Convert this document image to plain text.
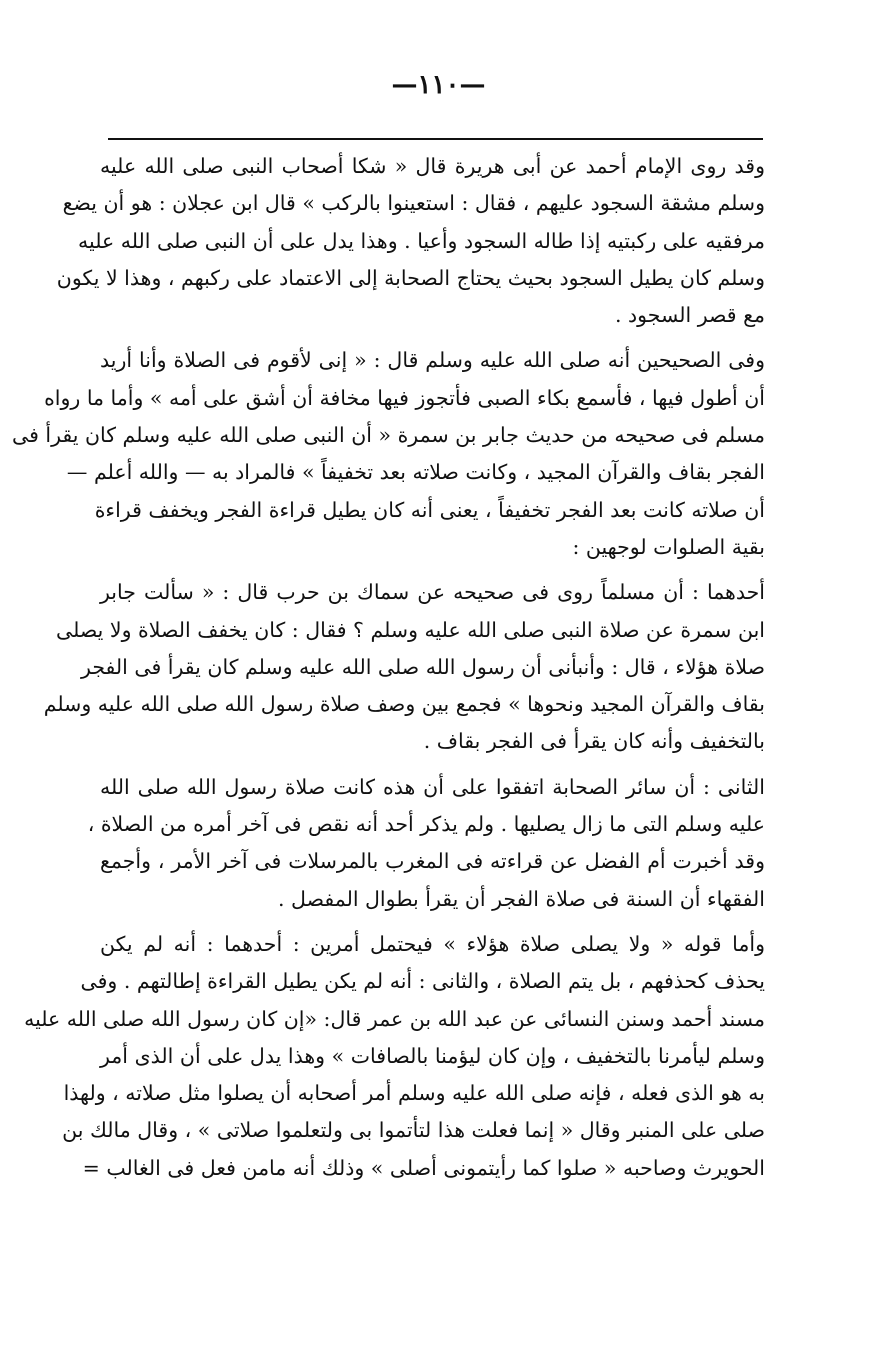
—١١٠—
وقد روى الإمام أحمد عن أبى هريرة قال « شكا أصحاب النبى صلى الله عليه
وسلم مشقة السجود عليهم ، فقال : استعينوا بالركب » قال ابن عجلان : هو أن يضع
مرفقيه على ركبتيه إذا طاله السجود وأعيا . وهذا يدل على أن النبى صلى الله عليه
وسلم كان يطيل السجود بحيث يحتاج الصحابة إلى الاعتماد على ركبهم ، وهذا لا يكون
مع قصر السجود .
وفى الصحيحين أنه صلى الله عليه وسلم قال : « إنى لأقوم فى الصلاة وأنا أريد
أن أطول فيها ، فأسمع بكاء الصبى فأتجوز فيها مخافة أن أشق على أمه » وأما ما رواه
مسلم فى صحيحه من حديث جابر بن سمرة « أن النبى صلى الله عليه وسلم كان يقرأ فى
الفجر بقاف والقرآن المجيد ، وكانت صلاته بعد تخفيفاً » فالمراد به — والله أعلم —
أن صلاته كانت بعد الفجر تخفيفاً ، يعنى أنه كان يطيل قراءة الفجر ويخفف قراءة
بقية الصلوات لوجهين :
أحدهما : أن مسلماً روى فى صحيحه عن سماك بن حرب قال : « سألت جابر
ابن سمرة عن صلاة النبى صلى الله عليه وسلم ؟ فقال : كان يخفف الصلاة ولا يصلى
صلاة هؤلاء ، قال : وأنبأنى أن رسول الله صلى الله عليه وسلم كان يقرأ فى الفجر
بقاف والقرآن المجيد ونحوها » فجمع بين وصف صلاة رسول الله صلى الله عليه وسلم
بالتخفيف وأنه كان يقرأ فى الفجر بقاف .
الثانى : أن سائر الصحابة اتفقوا على أن هذه كانت صلاة رسول الله صلى الله
عليه وسلم التى ما زال يصليها . ولم يذكر أحد أنه نقص فى آخر أمره من الصلاة ،
وقد أخبرت أم الفضل عن قراءته فى المغرب بالمرسلات فى آخر الأمر ، وأجمع
الفقهاء أن السنة فى صلاة الفجر أن يقرأ بطوال المفصل .
وأما قوله « ولا يصلى صلاة هؤلاء » فيحتمل أمرين : أحدهما : أنه لم يكن
يحذف كحذفهم ، بل يتم الصلاة ، والثانى : أنه لم يكن يطيل القراءة إطالتهم . وفى
مسند أحمد وسنن النسائى عن عبد الله بن عمر قال: «إن كان رسول الله صلى الله عليه
وسلم ليأمرنا بالتخفيف ، وإن كان ليؤمنا بالصافات » وهذا يدل على أن الذى أمر
به هو الذى فعله ، فإنه صلى الله عليه وسلم أمر أصحابه أن يصلوا مثل صلاته ، ولهذا
صلى على المنبر وقال « إنما فعلت هذا لتأتموا بى ولتعلموا صلاتى » ، وقال مالك بن
الحويرث وصاحبه « صلوا كما رأيتمونى أصلى » وذلك أنه مامن فعل فى الغالب =
